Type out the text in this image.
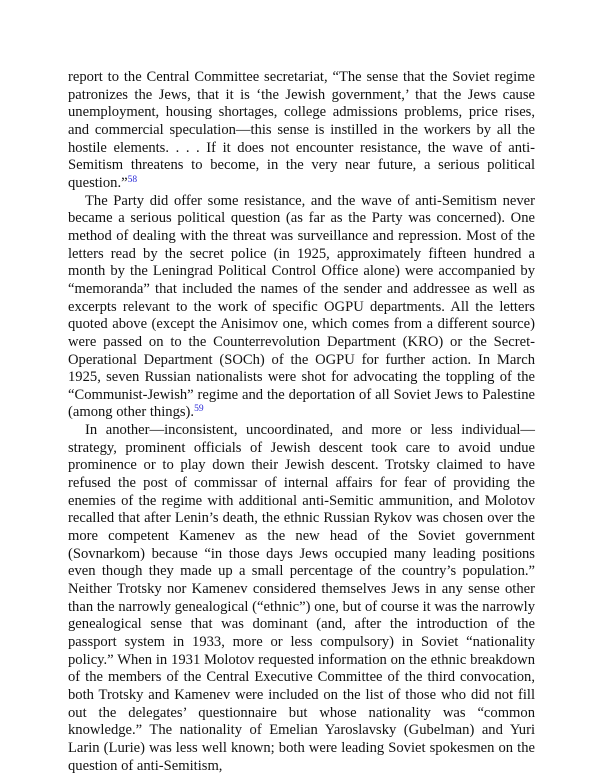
report to the Central Committee secretariat, “The sense that the Soviet regime patronizes the Jews, that it is ‘the Jewish government,’ that the Jews cause unemployment, housing shortages, college admissions problems, price rises, and commercial speculation—this sense is instilled in the workers by all the hostile elements. . . . If it does not encounter resistance, the wave of anti-Semitism threatens to become, in the very near future, a serious political question.”$^{58}$

The Party did offer some resistance, and the wave of anti-Semitism never became a serious political question (as far as the Party was concerned). One method of dealing with the threat was surveillance and repression. Most of the letters read by the secret police (in 1925, approximately fifteen hundred a month by the Leningrad Political Control Office alone) were accompanied by “memoranda” that included the names of the sender and addressee as well as excerpts relevant to the work of specific OGPU departments. All the letters quoted above (except the Anisimov one, which comes from a different source) were passed on to the Counterrevolution Department (KRO) or the Secret-Operational Department (SOCh) of the OGPU for further action. In March 1925, seven Russian nationalists were shot for advocating the toppling of the “Communist-Jewish” regime and the deportation of all Soviet Jews to Palestine (among other things).$^{59}$

In another—inconsistent, uncoordinated, and more or less individual—strategy, prominent officials of Jewish descent took care to avoid undue prominence or to play down their Jewish descent. Trotsky claimed to have refused the post of commissar of internal affairs for fear of providing the enemies of the regime with additional anti-Semitic ammunition, and Molotov recalled that after Lenin’s death, the ethnic Russian Rykov was chosen over the more competent Kamenev as the new head of the Soviet government (Sovnarkom) because “in those days Jews occupied many leading positions even though they made up a small percentage of the country’s population.” Neither Trotsky nor Kamenev considered themselves Jews in any sense other than the narrowly genealogical (“ethnic”) one, but of course it was the narrowly genealogical sense that was dominant (and, after the introduction of the passport system in 1933, more or less compulsory) in Soviet “nationality policy.” When in 1931 Molotov requested information on the ethnic breakdown of the members of the Central Executive Committee of the third convocation, both Trotsky and Kamenev were included on the list of those who did not fill out the delegates’ questionnaire but whose nationality was “common knowledge.” The nationality of Emelian Yaroslavsky (Gubelman) and Yuri Larin (Lurie) was less well known; both were leading Soviet spokesmen on the question of anti-Semitism,
